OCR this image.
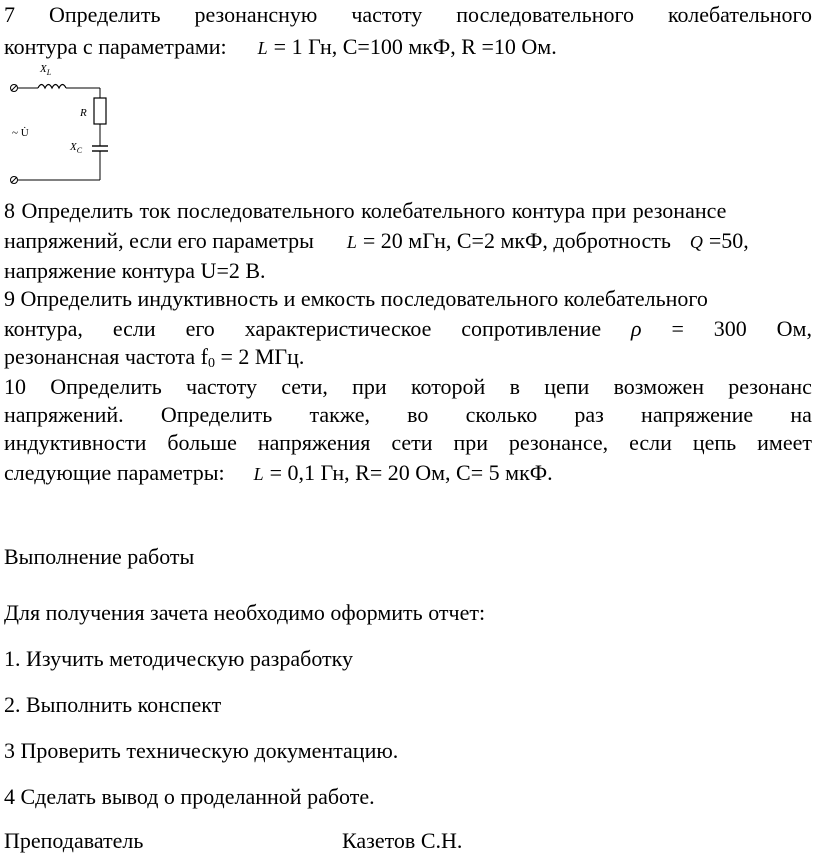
7 Определить резонансную частоту последовательного колебательного
контура с параметрами: L = 1 Гн, С=100 мкФ, R =10 Ом.
$X_L$
R
$X_C$
~ U̇
8 Определить ток последовательного колебательного контура при резонансе
напряжений, если его параметры L = 20 мГн, С=2 мкФ, добротность Q =50,
напряжение контура U=2 В.
9 Определить индуктивность и емкость последовательного колебательного
контура, если его характеристическое сопротивление ρ = 300 Ом,
резонансная частота $f_0 = 2$ МГц.
10 Определить частоту сети, при которой в цепи возможен резонанс
напряжений. Определить также, во сколько раз напряжение на
индуктивности больше напряжения сети при резонансе, если цепь имеет
следующие параметры: L = 0,1 Гн, R= 20 Ом, С= 5 мкФ.
Выполнение работы
Для получения зачета необходимо оформить отчет:
1. Изучить методическую разработку
2. Выполнить конспект
3 Проверить техническую документацию.
4 Сделать вывод о проделанной работе.
Преподаватель	Казетов С.Н.
